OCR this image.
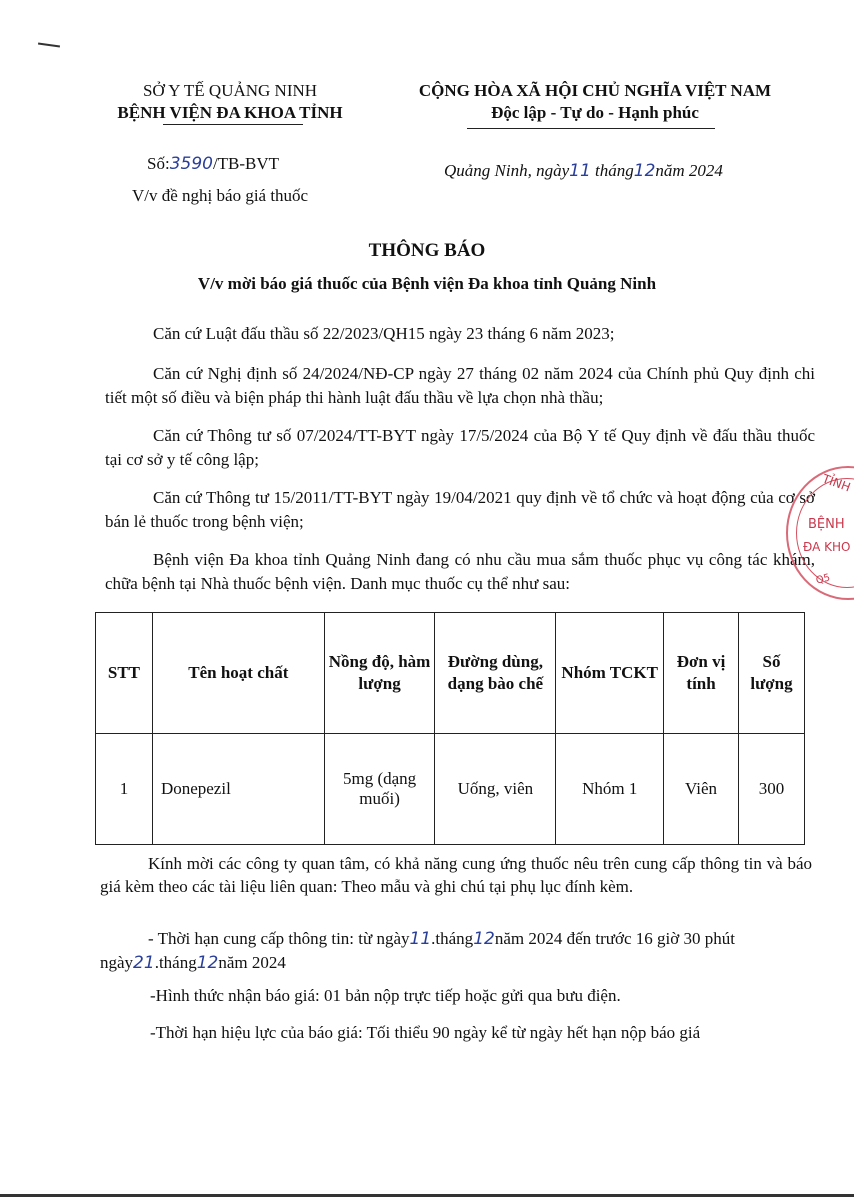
SỞ Y TẾ QUẢNG NINH
BỆNH VIỆN ĐA KHOA TỈNH
Số:3590/TB-BVT
V/v đề nghị báo giá thuốc
CỘNG HÒA XÃ HỘI CHỦ NGHĨA VIỆT NAM
Độc lập - Tự do - Hạnh phúc
Quảng Ninh, ngày11 tháng12năm 2024
THÔNG BÁO
V/v mời báo giá thuốc của Bệnh viện Đa khoa tỉnh Quảng Ninh
Căn cứ Luật đấu thầu số 22/2023/QH15 ngày 23 tháng 6 năm 2023;
Căn cứ Nghị định số 24/2024/NĐ-CP ngày 27 tháng 02 năm 2024 của Chính phủ Quy định chi tiết một số điều và biện pháp thi hành luật đấu thầu về lựa chọn nhà thầu;
Căn cứ Thông tư số 07/2024/TT-BYT ngày 17/5/2024 của Bộ Y tế Quy định về đấu thầu thuốc tại cơ sở y tế công lập;
Căn cứ Thông tư 15/2011/TT-BYT ngày 19/04/2021 quy định về tổ chức và hoạt động của cơ sở bán lẻ thuốc trong bệnh viện;
Bệnh viện Đa khoa tỉnh Quảng Ninh đang có nhu cầu mua sắm thuốc phục vụ công tác khám, chữa bệnh tại Nhà thuốc bệnh viện. Danh mục thuốc cụ thể như sau:
STT	Tên hoạt chất	Nồng độ, hàm lượng	Đường dùng, dạng bào chế	Nhóm TCKT	Đơn vị tính	Số lượng
1	Donepezil	5mg (dạng muối)	Uống, viên	Nhóm 1	Viên	300
Kính mời các công ty quan tâm, có khả năng cung ứng thuốc nêu trên cung cấp thông tin và báo giá kèm theo các tài liệu liên quan: Theo mẫu và ghi chú tại phụ lục đính kèm.
- Thời hạn cung cấp thông tin: từ ngày11.tháng12năm 2024 đến trước 16 giờ 30 phút ngày21.tháng12năm 2024
-Hình thức nhận báo giá: 01 bản nộp trực tiếp hoặc gửi qua bưu điện.
-Thời hạn hiệu lực của báo giá: Tối thiểu 90 ngày kể từ ngày hết hạn nộp báo giá
TỈNH
BỆNH
ĐA KHO
Q5
